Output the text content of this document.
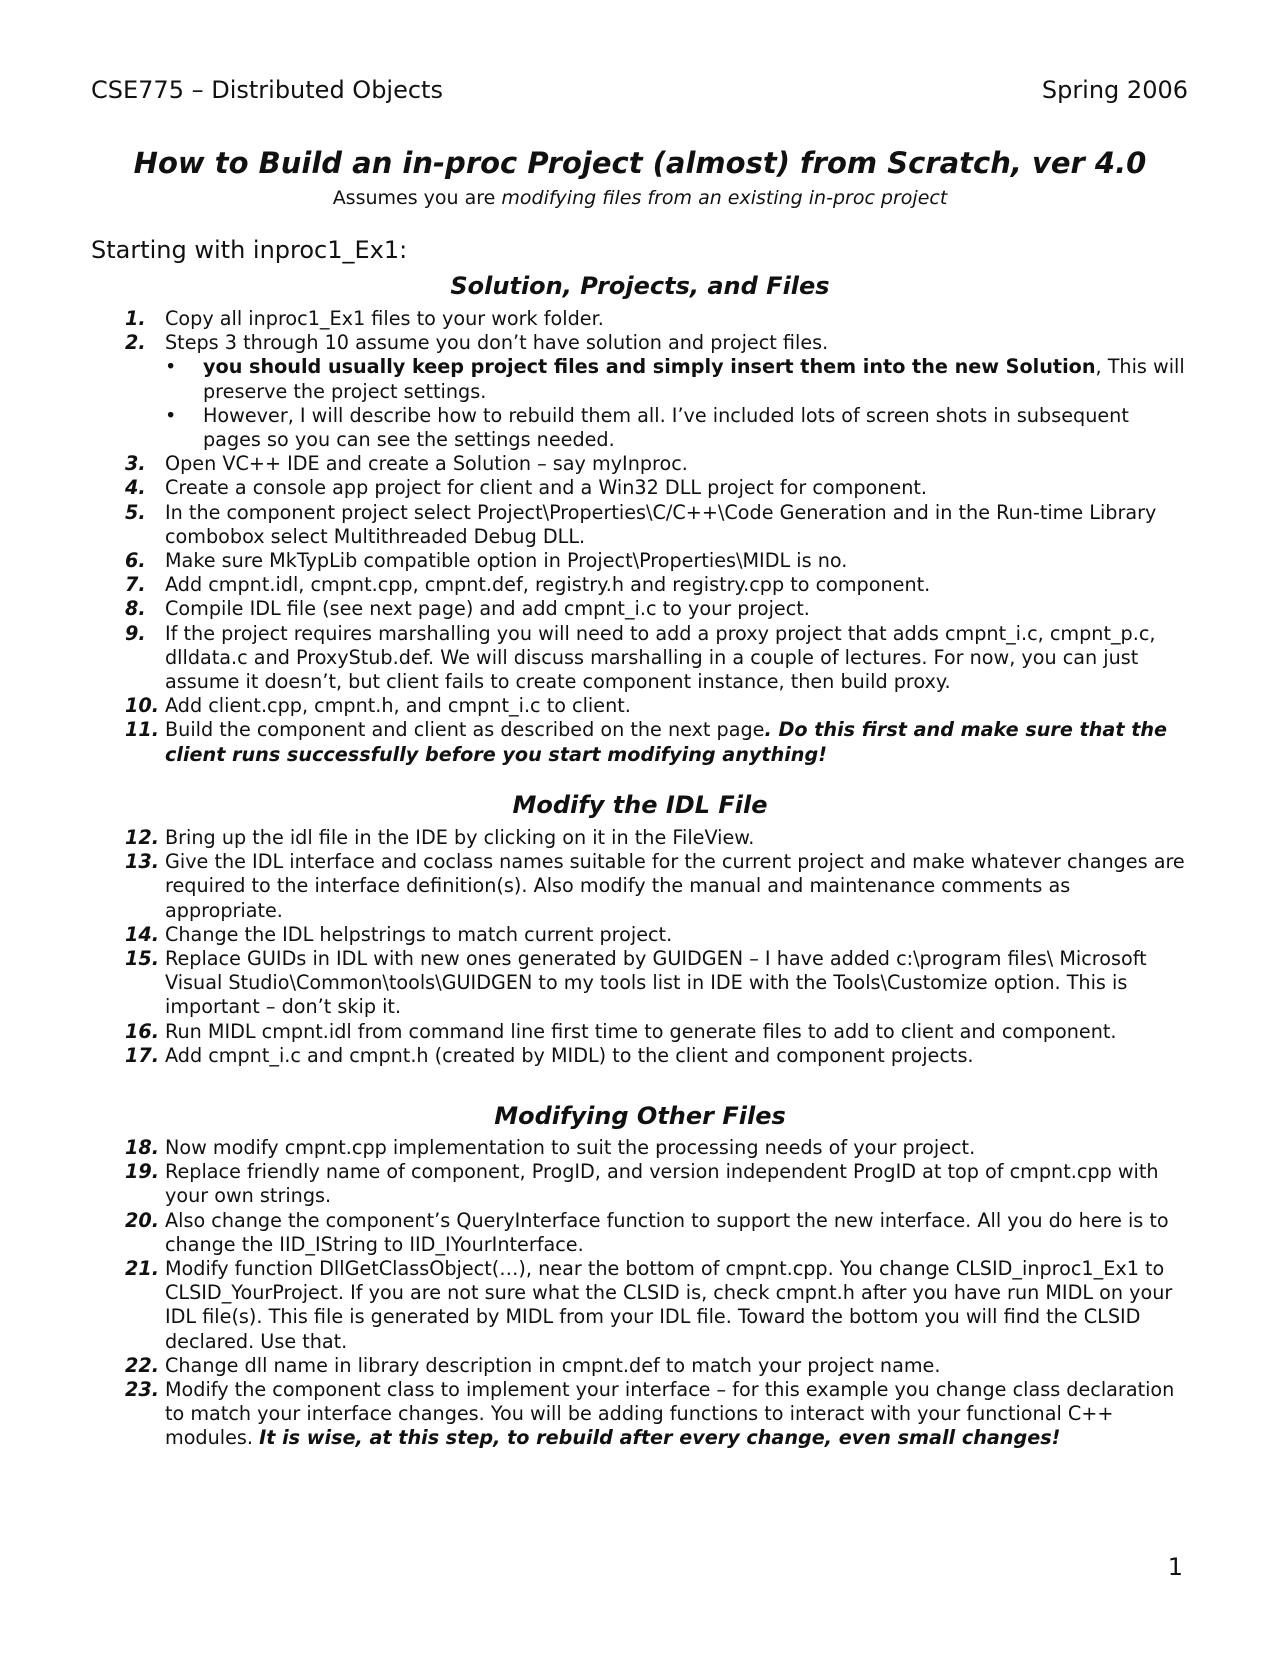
CSE775 – Distributed Objects	Spring 2006
How to Build an in-proc Project (almost) from Scratch, ver 4.0
Assumes you are modifying files from an existing in-proc project
Starting with inproc1_Ex1:
Solution, Projects, and Files
1.	Copy all inproc1_Ex1 files to your work folder.
2.	Steps 3 through 10 assume you don’t have solution and project files.
•	you should usually keep project files and simply insert them into the new Solution, This will preserve the project settings.
•	However, I will describe how to rebuild them all. I’ve included lots of screen shots in subsequent pages so you can see the settings needed.
3.	Open VC++ IDE and create a Solution – say myInproc.
4.	Create a console app project for client and a Win32 DLL project for component.
5.	In the component project select Project\Properties\C/C++\Code Generation and in the Run-time Library combobox select Multithreaded Debug DLL.
6.	Make sure MkTypLib compatible option in Project\Properties\MIDL is no.
7.	Add cmpnt.idl, cmpnt.cpp, cmpnt.def, registry.h and registry.cpp to component.
8.	Compile IDL file (see next page) and add cmpnt_i.c to your project.
9.	If the project requires marshalling you will need to add a proxy project that adds cmpnt_i.c, cmpnt_p.c, dlldata.c and ProxyStub.def. We will discuss marshalling in a couple of lectures. For now, you can just assume it doesn’t, but client fails to create component instance, then build proxy.
10. Add client.cpp, cmpnt.h, and cmpnt_i.c to client.
11. Build the component and client as described on the next page. Do this first and make sure that the client runs successfully before you start modifying anything!
Modify the IDL File
12. Bring up the idl file in the IDE by clicking on it in the FileView.
13. Give the IDL interface and coclass names suitable for the current project and make whatever changes are required to the interface definition(s). Also modify the manual and maintenance comments as appropriate.
14. Change the IDL helpstrings to match current project.
15. Replace GUIDs in IDL with new ones generated by GUIDGEN – I have added c:\program files\ Microsoft Visual Studio\Common\tools\GUIDGEN to my tools list in IDE with the Tools\Customize option. This is important – don’t skip it.
16. Run MIDL cmpnt.idl from command line first time to generate files to add to client and component.
17. Add cmpnt_i.c and cmpnt.h (created by MIDL) to the client and component projects.
Modifying Other Files
18. Now modify cmpnt.cpp implementation to suit the processing needs of your project.
19. Replace friendly name of component, ProgID, and version independent ProgID at top of cmpnt.cpp with your own strings.
20. Also change the component’s QueryInterface function to support the new interface. All you do here is to change the IID_IString to IID_IYourInterface.
21. Modify function DllGetClassObject(…), near the bottom of cmpnt.cpp. You change CLSID_inproc1_Ex1 to CLSID_YourProject. If you are not sure what the CLSID is, check cmpnt.h after you have run MIDL on your IDL file(s). This file is generated by MIDL from your IDL file. Toward the bottom you will find the CLSID declared. Use that.
22. Change dll name in library description in cmpnt.def to match your project name.
23. Modify the component class to implement your interface – for this example you change class declaration to match your interface changes. You will be adding functions to interact with your functional C++ modules. It is wise, at this step, to rebuild after every change, even small changes!
1
